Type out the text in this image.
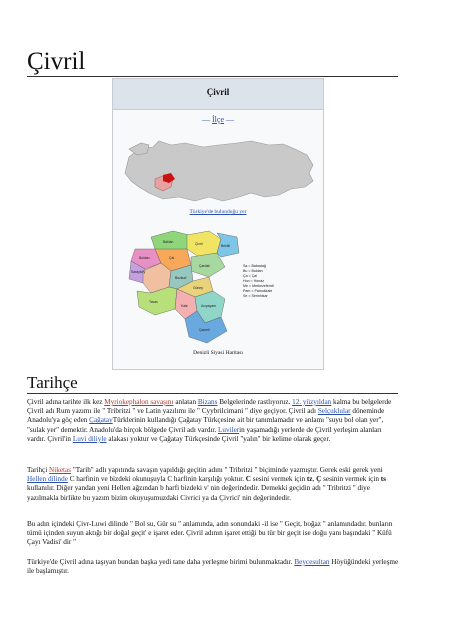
Çivril
Çivril
— İlçe —
Türkiye'de bulunduğu yer
Çivril
Baklan
Bekilli
Çal
Çardak
Bozkurt
Acıpayam
Tavas
Çameli
Kale
Güney
Buldan
Sarayköy
Sa = Babadağ
Bu = Buldan
Ça = Çal
Hon = Honaz
Me = Merkezefendi
Pam = Pamukkale
Se = Serinhisar
Denizli Siyasi Haritası
Tarihçe

Çivril adına tarihte ilk kez Myriokephalon savaşını anlatan Bizans Belgelerinde rastlıyoruz. 12. yüzyıldan kalma bu belgelerde Çivril adı Rum yazımı ile " Tribritzi " ve Latin yazılımı ile " Cyybrilcimani " diye geçiyor. Çivril adı Selçuklular döneminde Anadolu'ya göç eden ÇağatayTürklerinin kullandığı Çağatay Türkçesine ait bir tanımlamadır ve anlamı "suyu bol olan yer", "sulak yer" demektir. Anadolu'da birçok bölgede Çivril adı vardır. Luvilerin yaşamadığı yerlerde de Çivril yerleşim alanları vardır. Çivril'in Luvi diliyle alakası yoktur ve Çağatay Türkçesinde Çivril "yalın" bir kelime olarak geçer.

Tarihçi Niketas "Tarih" adlı yapıtında savaşın yapıldığı geçitin adını " Tribritzi " biçiminde yazmıştır. Gerek eski gerek yeni Hellen dilinde C harfinin ve bizdeki okunuşuyla C harfinin karşılığı yoktur. C sesini vermek için tz, Ç sesinin vermek için ts kullanılır. Diğer yandan yeni Hellen ağzından b harfi bizdeki v' nin değerindedir. Demekki geçidin adı " Tribritzi " diye yazılmakla birlikte bu yazım bizim okuyuşumuzdaki Civrici ya da Çivrici' nin değerindedir.

Bu adın içindeki Çivr-Luwi dilinde " Bol su, Gür su " anlamında, adın sonundaki -il ise " Geçit, boğaz " anlamındadır. bunların tümü içinden suyun aktığı bir doğal geçit' e işaret eder. Çivril adının işaret ettiği bu tür bir geçit ise doğu yanı başındaki " Küfü Çayı Vadisi' dir "

Türkiye'de Çivril adına taşıyan bundan başka yedi tane daha yerleşme birimi bulunmaktadır. Beycesultan Höyüğündeki yerleşme ile başlamıştır.
